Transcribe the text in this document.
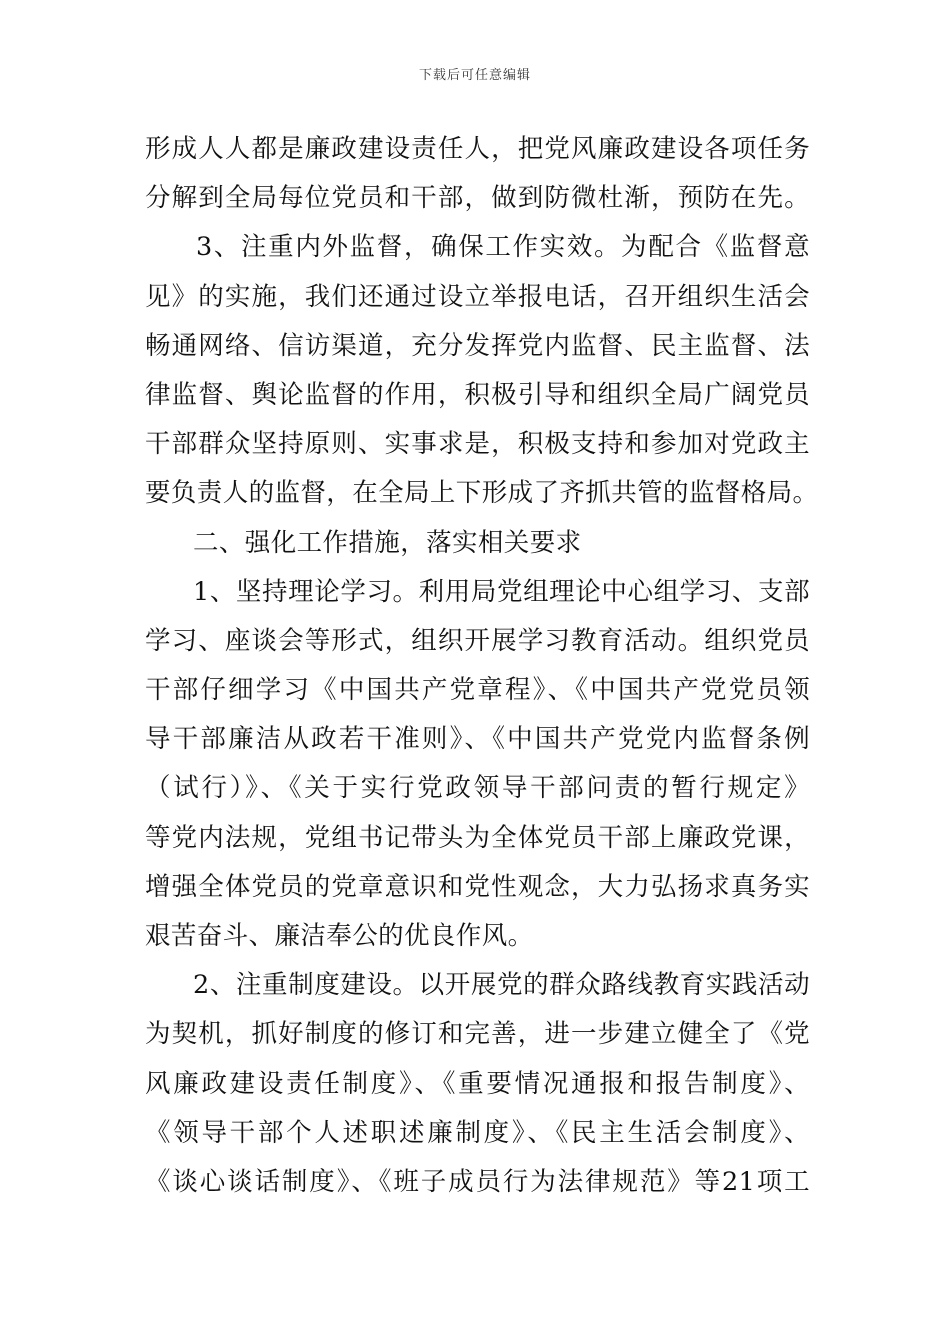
下载后可任意编辑
形成人人都是廉政建设责任人，把党风廉政建设各项任务
分解到全局每位党员和干部，做到防微杜渐，预防在先。
3、注重内外监督，确保工作实效。为配合《监督意
见》的实施，我们还通过设立举报电话，召开组织生活会
畅通网络、信访渠道，充分发挥党内监督、民主监督、法
律监督、舆论监督的作用，积极引导和组织全局广阔党员
干部群众坚持原则、实事求是，积极支持和参加对党政主
要负责人的监督，在全局上下形成了齐抓共管的监督格局。
二、强化工作措施，落实相关要求
1、坚持理论学习。利用局党组理论中心组学习、支部
学习、座谈会等形式，组织开展学习教育活动。组织党员
干部仔细学习《中国共产党章程》、《中国共产党党员领
导干部廉洁从政若干准则》、《中国共产党党内监督条例
（试行）》、《关于实行党政领导干部问责的暂行规定》
等党内法规，党组书记带头为全体党员干部上廉政党课，
增强全体党员的党章意识和党性观念，大力弘扬求真务实
艰苦奋斗、廉洁奉公的优良作风。
2、注重制度建设。以开展党的群众路线教育实践活动
为契机，抓好制度的修订和完善，进一步建立健全了《党
风廉政建设责任制度》、《重要情况通报和报告制度》、
《领导干部个人述职述廉制度》、《民主生活会制度》、
《谈心谈话制度》、《班子成员行为法律规范》等21项工
